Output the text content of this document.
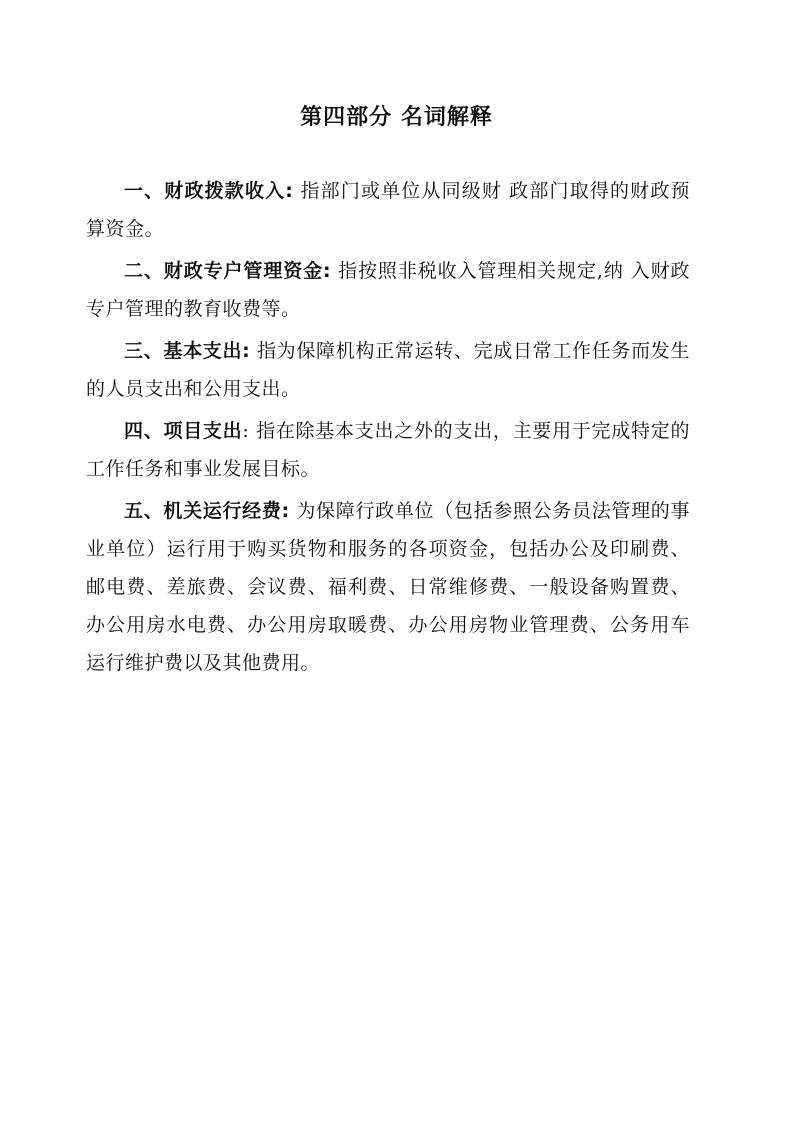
第四部分 名词解释

一、财政拨款收入: 指部门或单位从同级财 政部门取得的财政预算资金。

二、财政专户管理资金: 指按照非税收入管理相关规定,纳 入财政专户管理的教育收费等。

三、基本支出: 指为保障机构正常运转、完成日常工作任务而发生的人员支出和公用支出。

四、项目支出: 指在除基本支出之外的支出，主要用于完成特定的工作任务和事业发展目标。

五、机关运行经费: 为保障行政单位（包括参照公务员法管理的事业单位）运行用于购买货物和服务的各项资金，包括办公及印刷费、邮电费、差旅费、会议费、福利费、日常维修费、一般设备购置费、办公用房水电费、办公用房取暖费、办公用房物业管理费、公务用车运行维护费以及其他费用。
